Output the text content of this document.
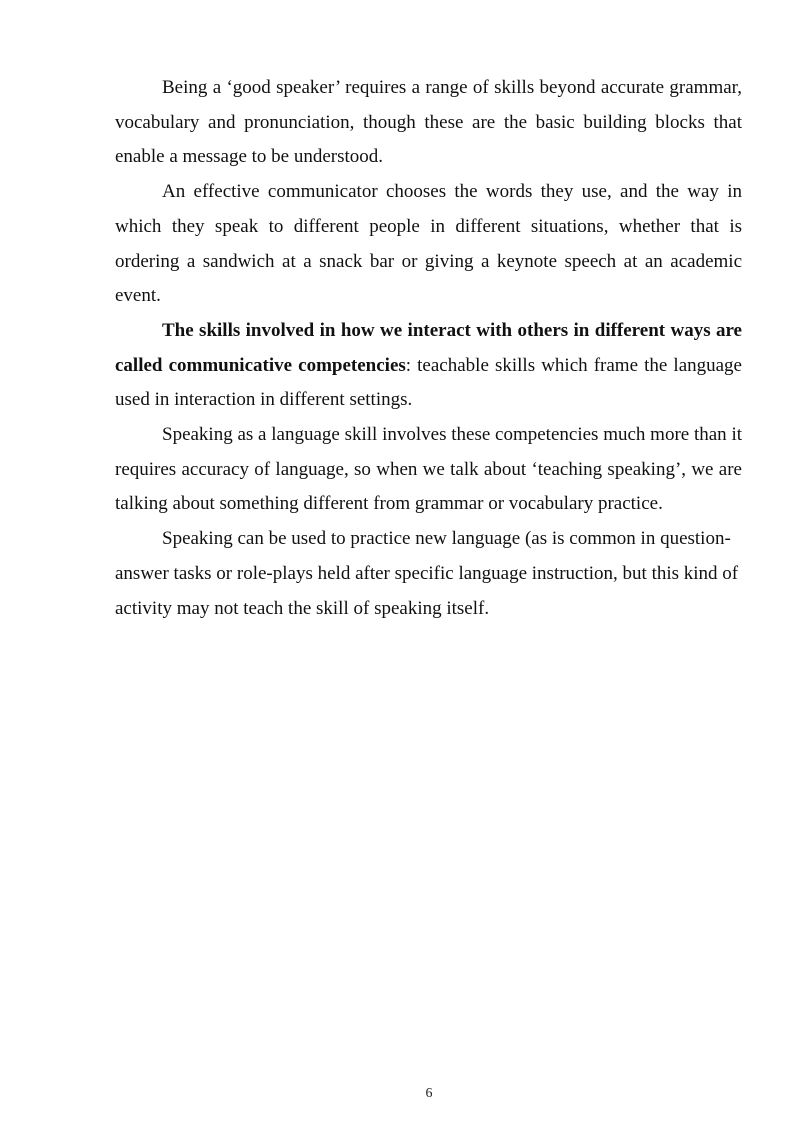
Being a ‘good speaker’ requires a range of skills beyond accurate grammar, vocabulary and pronunciation, though these are the basic building blocks that enable a message to be understood.

An effective communicator chooses the words they use, and the way in which they speak to different people in different situations, whether that is ordering a sandwich at a snack bar or giving a keynote speech at an academic event.

The skills involved in how we interact with others in different ways are called communicative competencies: teachable skills which frame the language used in interaction in different settings.

Speaking as a language skill involves these competencies much more than it requires accuracy of language, so when we talk about ‘teaching speaking’, we are talking about something different from grammar or vocabulary practice.

Speaking can be used to practice new language (as is common in question-answer tasks or role-plays held after specific language instruction, but this kind of activity may not teach the skill of speaking itself.

6
